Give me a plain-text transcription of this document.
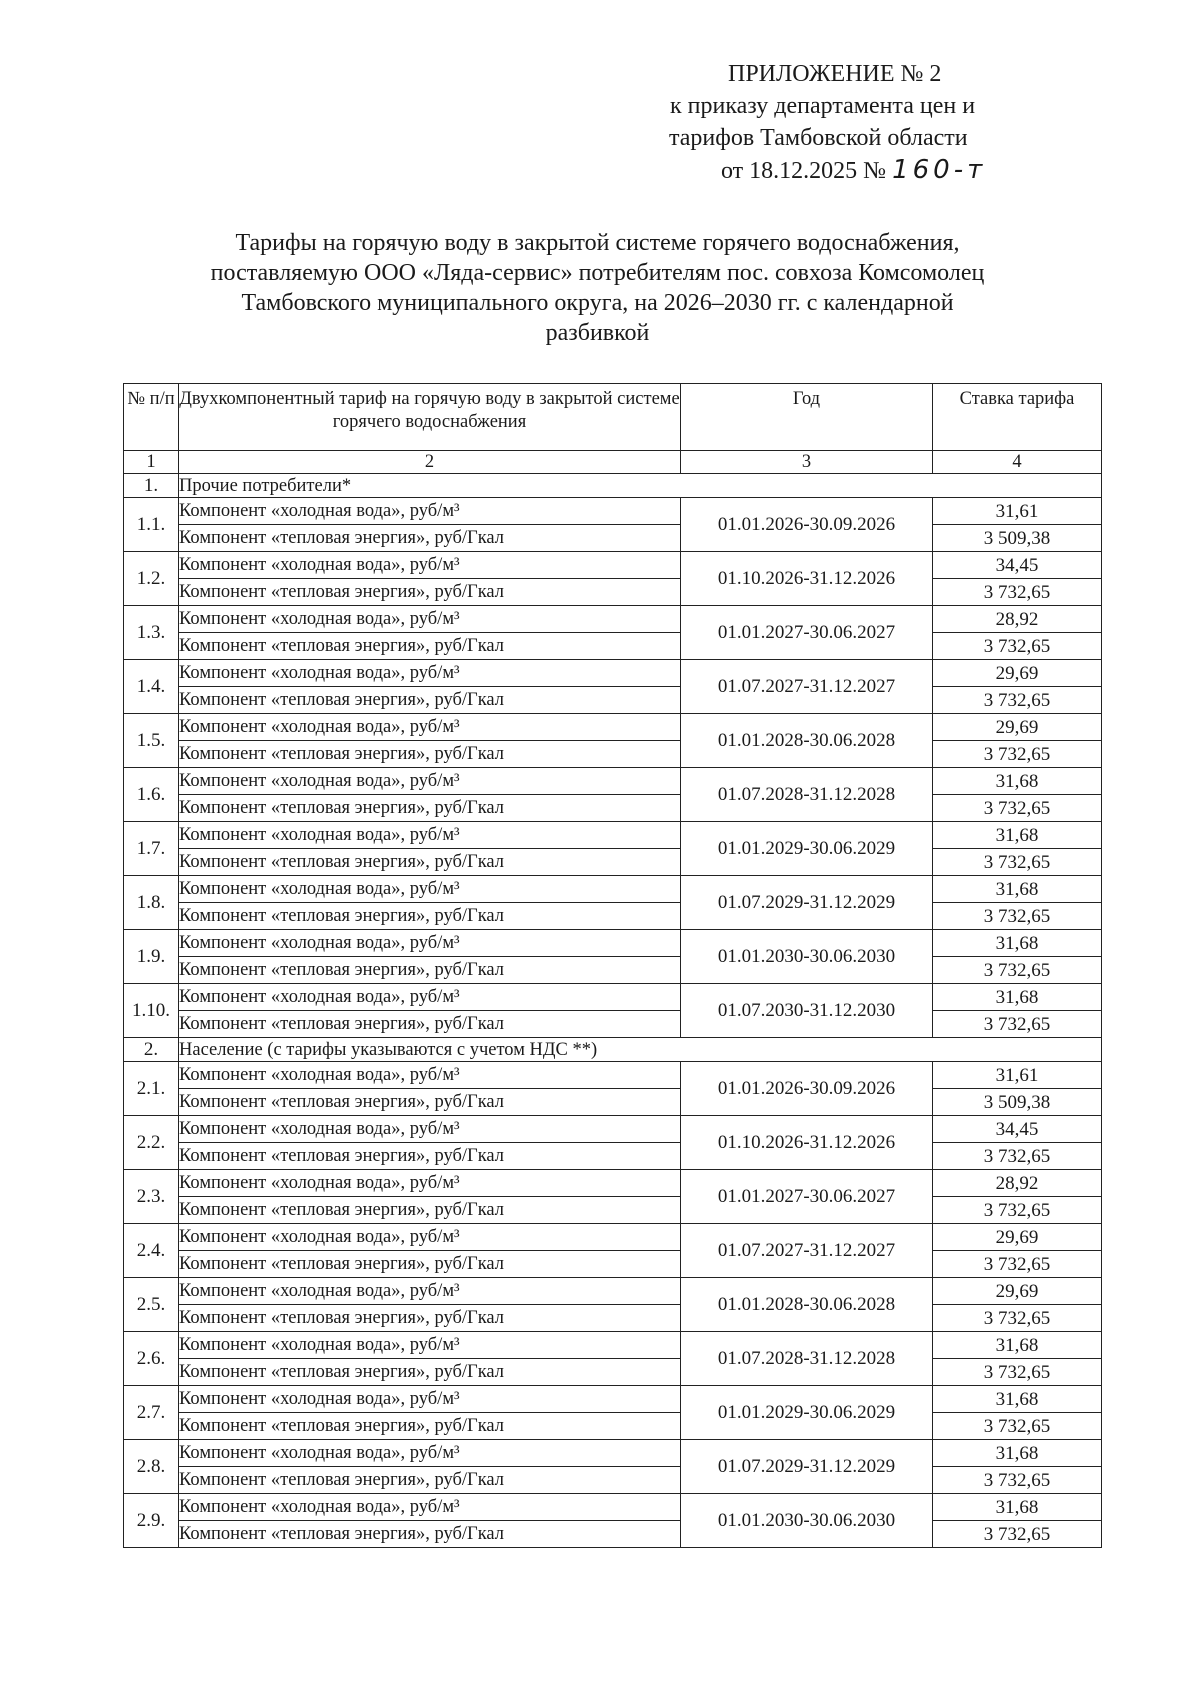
ПРИЛОЖЕНИЕ № 2
к приказу департамента цен и
тарифов Тамбовской области
от 18.12.2025 № 160-т
Тарифы на горячую воду в закрытой системе горячего водоснабжения,
поставляемую ООО «Ляда-сервис» потребителям пос. совхоза Комсомолец
Тамбовского муниципального округа, на 2026–2030 гг. с календарной
разбивкой
№ п/п	Двухкомпонентный тариф на горячую воду в закрытой системе горячего водоснабжения	Год	Ставка тарифа
1	2	3	4
1.	Прочие потребители*		
1.1.	Компонент «холодная вода», руб/м³	01.01.2026-30.09.2026	31,61
	Компонент «тепловая энергия», руб/Гкал		3 509,38
1.2.	Компонент «холодная вода», руб/м³	01.10.2026-31.12.2026	34,45
	Компонент «тепловая энергия», руб/Гкал		3 732,65
1.3.	Компонент «холодная вода», руб/м³	01.01.2027-30.06.2027	28,92
	Компонент «тепловая энергия», руб/Гкал		3 732,65
1.4.	Компонент «холодная вода», руб/м³	01.07.2027-31.12.2027	29,69
	Компонент «тепловая энергия», руб/Гкал		3 732,65
1.5.	Компонент «холодная вода», руб/м³	01.01.2028-30.06.2028	29,69
	Компонент «тепловая энергия», руб/Гкал		3 732,65
1.6.	Компонент «холодная вода», руб/м³	01.07.2028-31.12.2028	31,68
	Компонент «тепловая энергия», руб/Гкал		3 732,65
1.7.	Компонент «холодная вода», руб/м³	01.01.2029-30.06.2029	31,68
	Компонент «тепловая энергия», руб/Гкал		3 732,65
1.8.	Компонент «холодная вода», руб/м³	01.07.2029-31.12.2029	31,68
	Компонент «тепловая энергия», руб/Гкал		3 732,65
1.9.	Компонент «холодная вода», руб/м³	01.01.2030-30.06.2030	31,68
	Компонент «тепловая энергия», руб/Гкал		3 732,65
1.10.	Компонент «холодная вода», руб/м³	01.07.2030-31.12.2030	31,68
	Компонент «тепловая энергия», руб/Гкал		3 732,65
2.	Население (с тарифы указываются с учетом НДС **)		
2.1.	Компонент «холодная вода», руб/м³	01.01.2026-30.09.2026	31,61
	Компонент «тепловая энергия», руб/Гкал		3 509,38
2.2.	Компонент «холодная вода», руб/м³	01.10.2026-31.12.2026	34,45
	Компонент «тепловая энергия», руб/Гкал		3 732,65
2.3.	Компонент «холодная вода», руб/м³	01.01.2027-30.06.2027	28,92
	Компонент «тепловая энергия», руб/Гкал		3 732,65
2.4.	Компонент «холодная вода», руб/м³	01.07.2027-31.12.2027	29,69
	Компонент «тепловая энергия», руб/Гкал		3 732,65
2.5.	Компонент «холодная вода», руб/м³	01.01.2028-30.06.2028	29,69
	Компонент «тепловая энергия», руб/Гкал		3 732,65
2.6.	Компонент «холодная вода», руб/м³	01.07.2028-31.12.2028	31,68
	Компонент «тепловая энергия», руб/Гкал		3 732,65
2.7.	Компонент «холодная вода», руб/м³	01.01.2029-30.06.2029	31,68
	Компонент «тепловая энергия», руб/Гкал		3 732,65
2.8.	Компонент «холодная вода», руб/м³	01.07.2029-31.12.2029	31,68
	Компонент «тепловая энергия», руб/Гкал		3 732,65
2.9.	Компонент «холодная вода», руб/м³	01.01.2030-30.06.2030	31,68
	Компонент «тепловая энергия», руб/Гкал		3 732,65
